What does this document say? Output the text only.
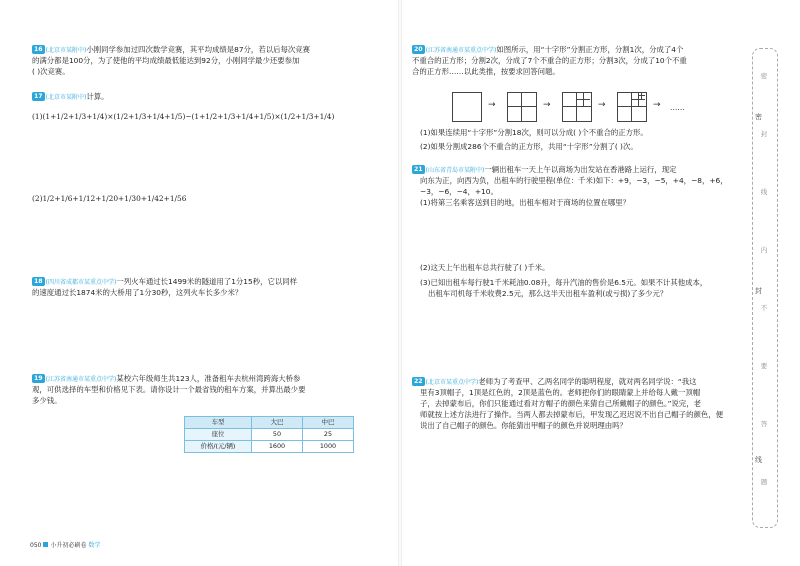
16 (北京市某附中)小刚同学参加过四次数学竞赛，其平均成绩是87分，若以后每次竞赛
的满分都是100分，为了使他的平均成绩最低能达到92分，小刚同学最少还要参加
( )次竞赛。
17 (北京市某附中)计算。
(1)(1+1/2+1/3+1/4)×(1/2+1/3+1/4+1/5)−(1+1/2+1/3+1/4+1/5)×(1/2+1/3+1/4)
(2)1/2+1/6+1/12+1/20+1/30+1/42+1/56
18 (四川省成都市某重点中学)一列火车通过长1499米的隧道用了1分15秒，它以同样
的速度通过长1874米的大桥用了1分30秒，这列火车长多少米？
19 (江苏省南通市某重点中学)某校六年级师生共123人，准备租车去杭州湾跨海大桥参
观，可供选择的车型和价格见下表。请你设计一个最省钱的租车方案，并算出最少要
多少钱。
车型	大巴	中巴
座位	50	25
价格/(元/辆)	1600	1000
050 小升初必刷卷 数学
20 (江苏省南通市某重点中学)如图所示，用“十字形”分割正方形，分割1次，分成了4个
不重合的正方形；分割2次，分成了7个不重合的正方形；分割3次，分成了10个不重
合的正方形……以此类推，按要求回答问题。
→	→	→	→ ……
(1)如果连续用“十字形”分割18次，则可以分成( )个不重合的正方形。
(2)如果分割成286个不重合的正方形，共用“十字形”分割了( )次。
21 (山东省青岛市某附中)一辆出租车一天上午以商场为出发站在香港路上运行，现定
向东为正，向西为负，出租车的行驶里程(单位：千米)如下：+9，−3，−5，+4，−8，+6，
−3，−6，−4，+10。
(1)将第三名乘客送到目的地，出租车相对于商场的位置在哪里？
(2)这天上午出租车总共行驶了( )千米。
(3)已知出租车每行驶1千米耗油0.08升，每升汽油的售价是6.5元。如果不计其他成本，
出租车司机每千米收费2.5元，那么这半天出租车盈利(或亏损)了多少元？
22 (北京市某重点中学)老师为了考查甲、乙两名同学的聪明程度，就对两名同学说：“我这
里有3顶帽子，1顶是红色的，2顶是蓝色的。老师把你们的眼睛蒙上并给每人戴一顶帽
子，去掉蒙布后，你们只能通过看对方帽子的颜色来猜自己所戴帽子的颜色。”说完，老
师就按上述方法进行了操作。当两人都去掉蒙布后，甲发现乙迟迟说不出自己帽子的颜色，便
说出了自己帽子的颜色。你能猜出甲帽子的颜色并说明理由吗？
密
封
线
内
不
要
答
题
密
封
线
